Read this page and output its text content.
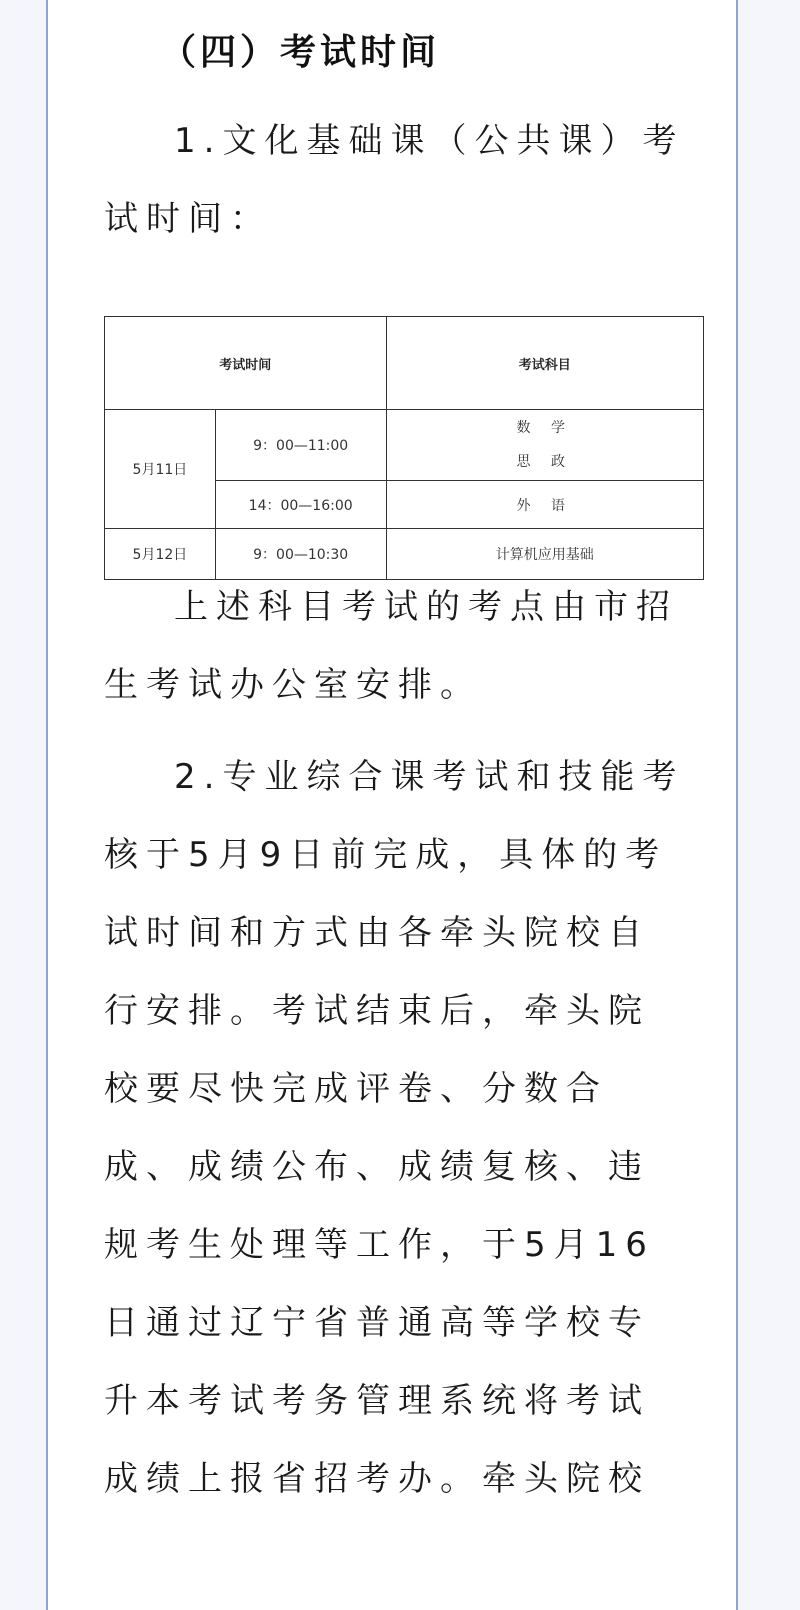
（四）考试时间
1.文化基础课（公共课）考试时间：
考试时间		考试科目
5月11日	9：00—11:00	数 学
思 政

	14：00—16:00	外 语
5月12日	9：00—10:30	计算机应用基础
上述科目考试的考点由市招生考试办公室安排。
2.专业综合课考试和技能考核于5月9日前完成，具体的考试时间和方式由各牵头院校自行安排。考试结束后，牵头院校要尽快完成评卷、分数合成、成绩公布、成绩复核、违规考生处理等工作，于5月16日通过辽宁省普通高等学校专升本考试考务管理系统将考试成绩上报省招考办。牵头院校
